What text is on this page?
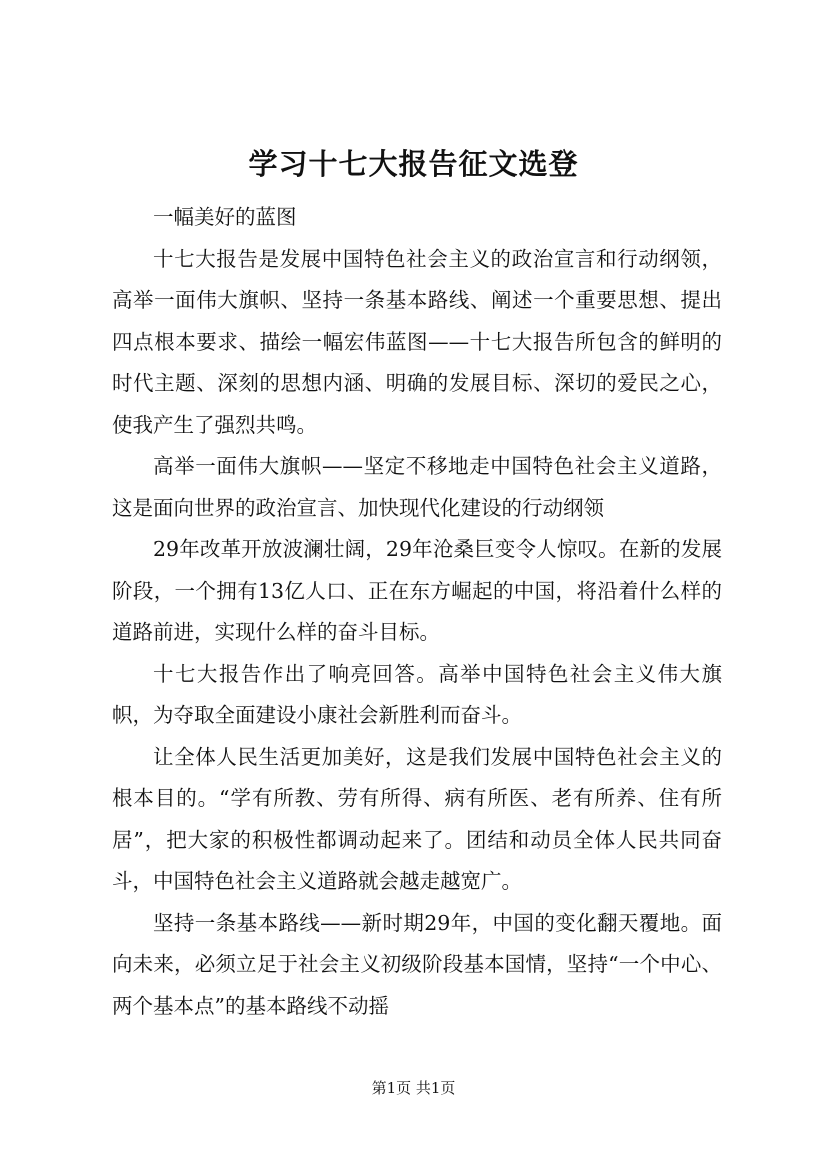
学习十七大报告征文选登

一幅美好的蓝图

十七大报告是发展中国特色社会主义的政治宣言和行动纲领，高举一面伟大旗帜、坚持一条基本路线、阐述一个重要思想、提出四点根本要求、描绘一幅宏伟蓝图——十七大报告所包含的鲜明的时代主题、深刻的思想内涵、明确的发展目标、深切的爱民之心，使我产生了强烈共鸣。

高举一面伟大旗帜——坚定不移地走中国特色社会主义道路，这是面向世界的政治宣言、加快现代化建设的行动纲领

29年改革开放波澜壮阔，29年沧桑巨变令人惊叹。在新的发展阶段，一个拥有13亿人口、正在东方崛起的中国，将沿着什么样的道路前进，实现什么样的奋斗目标。

十七大报告作出了响亮回答。高举中国特色社会主义伟大旗帜，为夺取全面建设小康社会新胜利而奋斗。

让全体人民生活更加美好，这是我们发展中国特色社会主义的根本目的。“学有所教、劳有所得、病有所医、老有所养、住有所居”，把大家的积极性都调动起来了。团结和动员全体人民共同奋斗，中国特色社会主义道路就会越走越宽广。

坚持一条基本路线——新时期29年，中国的变化翻天覆地。面向未来，必须立足于社会主义初级阶段基本国情，坚持“一个中心、两个基本点”的基本路线不动摇

第1页 共1页
